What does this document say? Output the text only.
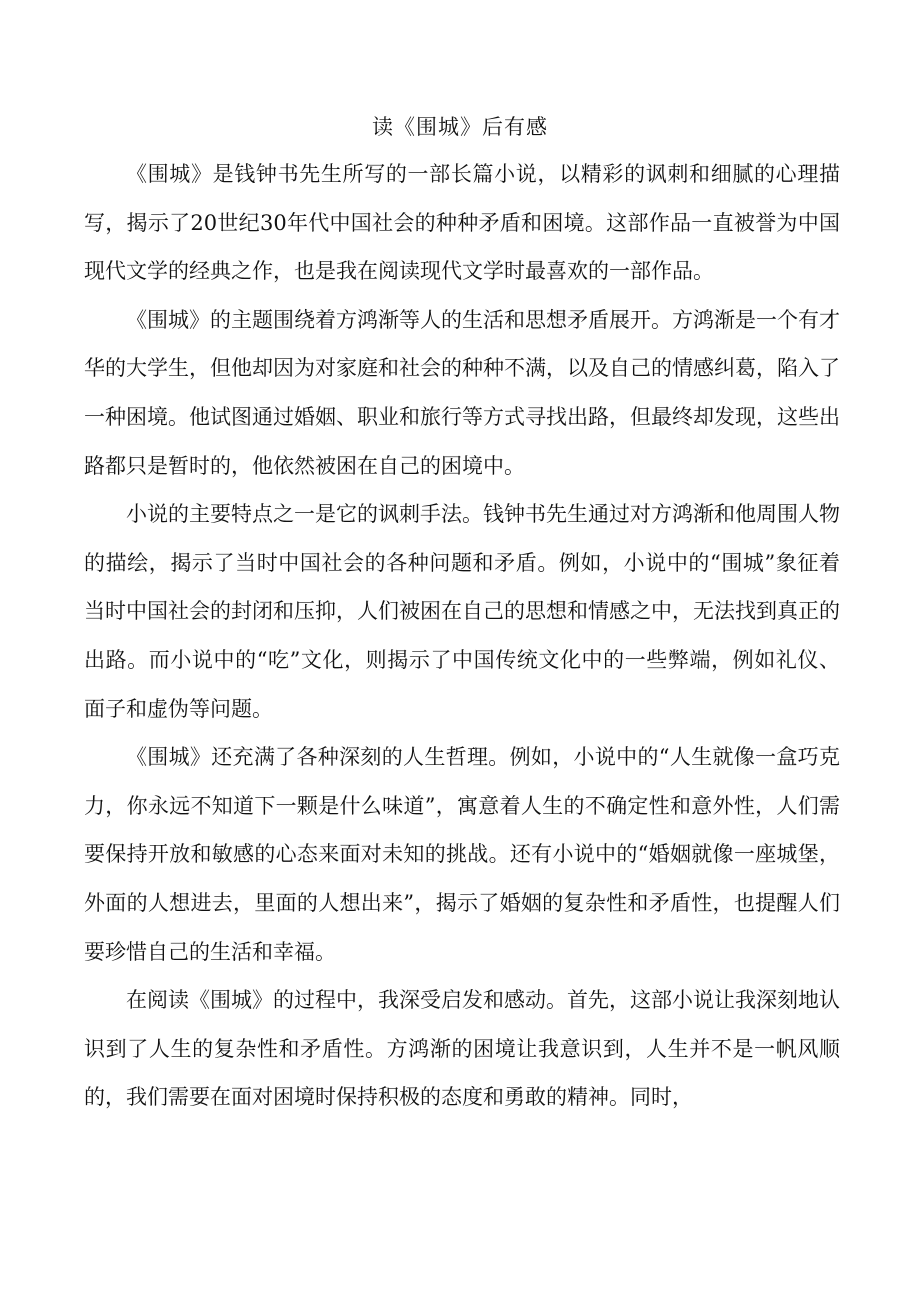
读《围城》后有感

《围城》是钱钟书先生所写的一部长篇小说，以精彩的讽刺和细腻的心理描写，揭示了20世纪30年代中国社会的种种矛盾和困境。这部作品一直被誉为中国现代文学的经典之作，也是我在阅读现代文学时最喜欢的一部作品。

《围城》的主题围绕着方鸿渐等人的生活和思想矛盾展开。方鸿渐是一个有才华的大学生，但他却因为对家庭和社会的种种不满，以及自己的情感纠葛，陷入了一种困境。他试图通过婚姻、职业和旅行等方式寻找出路，但最终却发现，这些出路都只是暂时的，他依然被困在自己的困境中。

小说的主要特点之一是它的讽刺手法。钱钟书先生通过对方鸿渐和他周围人物的描绘，揭示了当时中国社会的各种问题和矛盾。例如，小说中的“围城”象征着当时中国社会的封闭和压抑，人们被困在自己的思想和情感之中，无法找到真正的出路。而小说中的“吃”文化，则揭示了中国传统文化中的一些弊端，例如礼仪、面子和虚伪等问题。

《围城》还充满了各种深刻的人生哲理。例如，小说中的“人生就像一盒巧克力，你永远不知道下一颗是什么味道”，寓意着人生的不确定性和意外性，人们需要保持开放和敏感的心态来面对未知的挑战。还有小说中的“婚姻就像一座城堡，外面的人想进去，里面的人想出来”，揭示了婚姻的复杂性和矛盾性，也提醒人们要珍惜自己的生活和幸福。

在阅读《围城》的过程中，我深受启发和感动。首先，这部小说让我深刻地认识到了人生的复杂性和矛盾性。方鸿渐的困境让我意识到，人生并不是一帆风顺的，我们需要在面对困境时保持积极的态度和勇敢的精神。同时，
